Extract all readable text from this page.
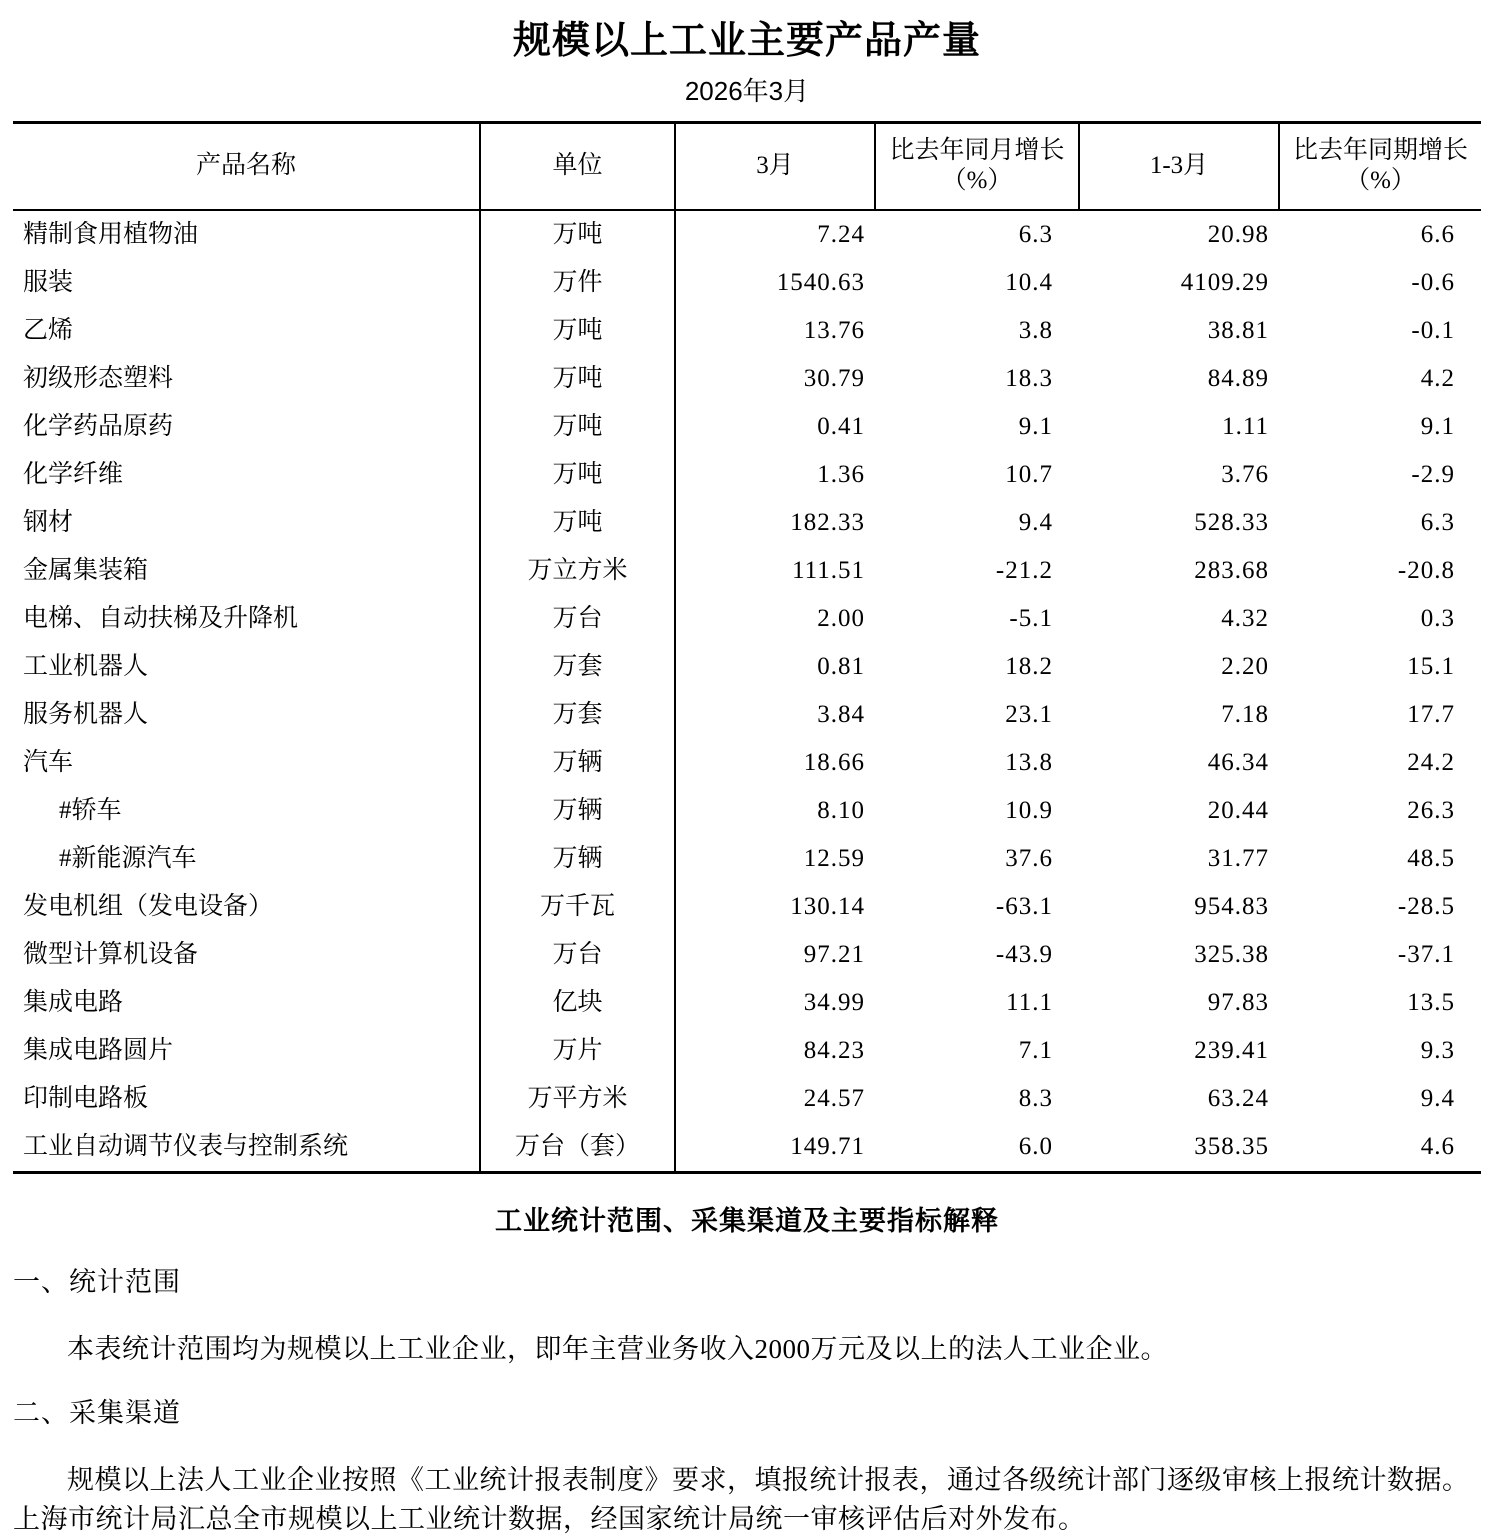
规模以上工业主要产品产量
2026年3月
产品名称	单位	3月	比去年同月增长（%）	1-3月	比去年同期增长（%）
精制食用植物油	万吨	7.24	6.3	20.98	6.6
服装	万件	1540.63	10.4	4109.29	-0.6
乙烯	万吨	13.76	3.8	38.81	-0.1
初级形态塑料	万吨	30.79	18.3	84.89	4.2
化学药品原药	万吨	0.41	9.1	1.11	9.1
化学纤维	万吨	1.36	10.7	3.76	-2.9
钢材	万吨	182.33	9.4	528.33	6.3
金属集装箱	万立方米	111.51	-21.2	283.68	-20.8
电梯、自动扶梯及升降机	万台	2.00	-5.1	4.32	0.3
工业机器人	万套	0.81	18.2	2.20	15.1
服务机器人	万套	3.84	23.1	7.18	17.7
汽车	万辆	18.66	13.8	46.34	24.2
#轿车	万辆	8.10	10.9	20.44	26.3
#新能源汽车	万辆	12.59	37.6	31.77	48.5
发电机组（发电设备）	万千瓦	130.14	-63.1	954.83	-28.5
微型计算机设备	万台	97.21	-43.9	325.38	-37.1
集成电路	亿块	34.99	11.1	97.83	13.5
集成电路圆片	万片	84.23	7.1	239.41	9.3
印制电路板	万平方米	24.57	8.3	63.24	9.4
工业自动调节仪表与控制系统	万台（套）	149.71	6.0	358.35	4.6
工业统计范围、采集渠道及主要指标解释
一、统计范围
本表统计范围均为规模以上工业企业，即年主营业务收入2000万元及以上的法人工业企业。
二、采集渠道
规模以上法人工业企业按照《工业统计报表制度》要求，填报统计报表，通过各级统计部门逐级审核上报统计数据。上海市统计局汇总全市规模以上工业统计数据，经国家统计局统一审核评估后对外发布。
